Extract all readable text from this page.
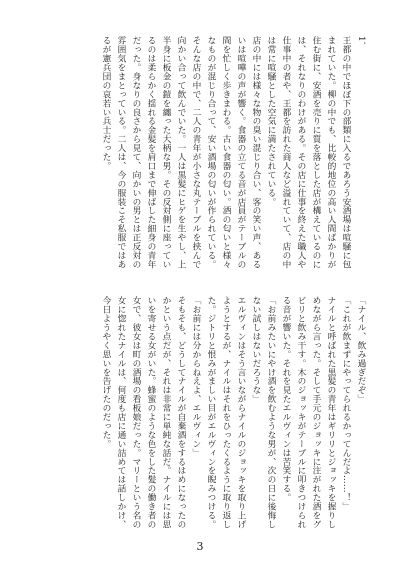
1．
王都の中でほぼ下の部類に入るであろう安酒場は喧騒に包まれていた。柳の中でも、比較的地位の高い人間ばかりが住む街に、安酒を売りに質を落とした店が構えているのには、それなりのわけがある。その店に仕事を終えた職人や仕事中の者や、王都を訪れた商人など溢れていて、店の中は常に喧騒とした空気に満たされている。
店の中には様々な物の臭い混じり合い、客の笑い声、あるいは喧嘩の声が響く。食器の立てる音が店員がテーブルの間を忙しく歩きまわる。古い食器の匂い。酒の匂いと様々なものが混じり合って、安い酒場の匂いが作られている。
そんな店の中で、二人の青年が小さな丸テーブルを挟んで向かい合って飲んでいた。一人は黒髪にヒゲを生やし、上半身に板金の鎧を纏った大柄な男。その反対側に座っているのは柔らかく揺れる金髪を肩口まで伸ばした細身の青年だった。身なりの良さから見て、向かいの男とは正反対の雰囲気をまとっている。二人は、今の服装こそ私服ではあるが憲兵団の哀若い兵士だった。
「ナイル、飲み過ぎだぞ」
「これが飲まずにやってられるかってんだよ……！」
ナイルと呼ばれた黒髪の青年はギリリとジョッキを握りしめながら言った。そして手元のジョッキに注がれた酒をグビリと飲み干す。木のジョッキがテーブルに叩きつけられる音が響いた。それを見たエルヴィンは苦笑する。
「お前みたいにやけ酒を飲むような男が、次の日に後悔しない試しはないだろうな」
エルヴィンはそう言いながらナイルのジョッキを取り上げようとするが、ナイルはそれをひったくるように取り返した。ジトリと恨みがましい目がエルヴィンを睨みつける。
「お前には分からねえよ、エルヴィン」
そもそも、どうしてナイルが自棄酒をするはめになったのかという点だが、それは非常に単純な話だ。ナイルには思いを寄せる女がいた。蜂蜜のような色をした髪の働き者の女で、彼女は町の酒場の看板娘だった。マリーという名の女に惚れたナイルは、何度も店に通い詰めては話しかけ、今日ようやく思いを告げたのだった。
3
